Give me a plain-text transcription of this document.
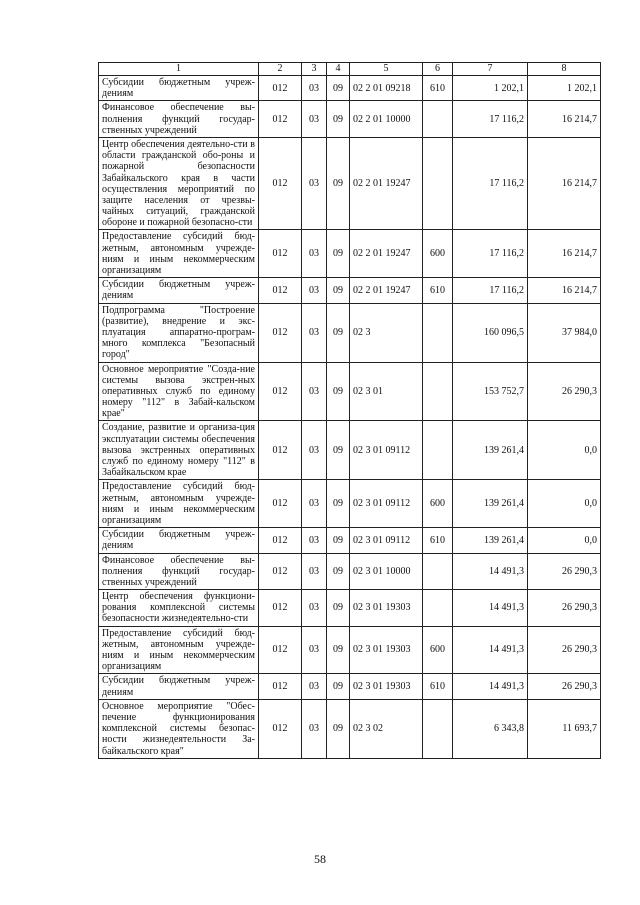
1	2	3	4	5	6	7	8
Субсидии бюджетным учреж-дениям	012	03	09	02 2 01 09218	610	1 202,1	1 202,1
Финансовое обеспечение вы-полнения функций государ-ственных учреждений	012	03	09	02 2 01 10000		17 116,2	16 214,7
Центр обеспечения деятельно-сти в области гражданской обо-роны и пожарной безопасности Забайкальского края в части осуществления мероприятий по защите населения от чрезвы-чайных ситуаций, гражданской обороне и пожарной безопасно-сти	012	03	09	02 2 01 19247		17 116,2	16 214,7
Предоставление субсидий бюд-жетным, автономным учрежде-ниям и иным некоммерческим организациям	012	03	09	02 2 01 19247	600	17 116,2	16 214,7
Субсидии бюджетным учреж-дениям	012	03	09	02 2 01 19247	610	17 116,2	16 214,7
Подпрограмма "Построение (развитие), внедрение и экс-плуатация аппаратно-програм-много комплекса "Безопасный город"	012	03	09	02 3		160 096,5	37 984,0
Основное мероприятие "Созда-ние системы вызова экстрен-ных оперативных служб по единому номеру "112" в Забай-кальском крае"	012	03	09	02 3 01		153 752,7	26 290,3
Создание, развитие и организа-ция эксплуатации системы обеспечения вызова экстренных оперативных служб по единому номеру "112" в Забайкальском крае	012	03	09	02 3 01 09112		139 261,4	0,0
Предоставление субсидий бюд-жетным, автономным учрежде-ниям и иным некоммерческим организациям	012	03	09	02 3 01 09112	600	139 261,4	0,0
Субсидии бюджетным учреж-дениям	012	03	09	02 3 01 09112	610	139 261,4	0,0
Финансовое обеспечение вы-полнения функций государ-ственных учреждений	012	03	09	02 3 01 10000		14 491,3	26 290,3
Центр обеспечения функциони-рования комплексной системы безопасности жизнедеятельно-сти	012	03	09	02 3 01 19303		14 491,3	26 290,3
Предоставление субсидий бюд-жетным, автономным учрежде-ниям и иным некоммерческим организациям	012	03	09	02 3 01 19303	600	14 491,3	26 290,3
Субсидии бюджетным учреж-дениям	012	03	09	02 3 01 19303	610	14 491,3	26 290,3
Основное мероприятие "Обес-печение функционирования комплексной системы безопас-ности жизнедеятельности За-байкальского края"	012	03	09	02 3 02		6 343,8	11 693,7
58
